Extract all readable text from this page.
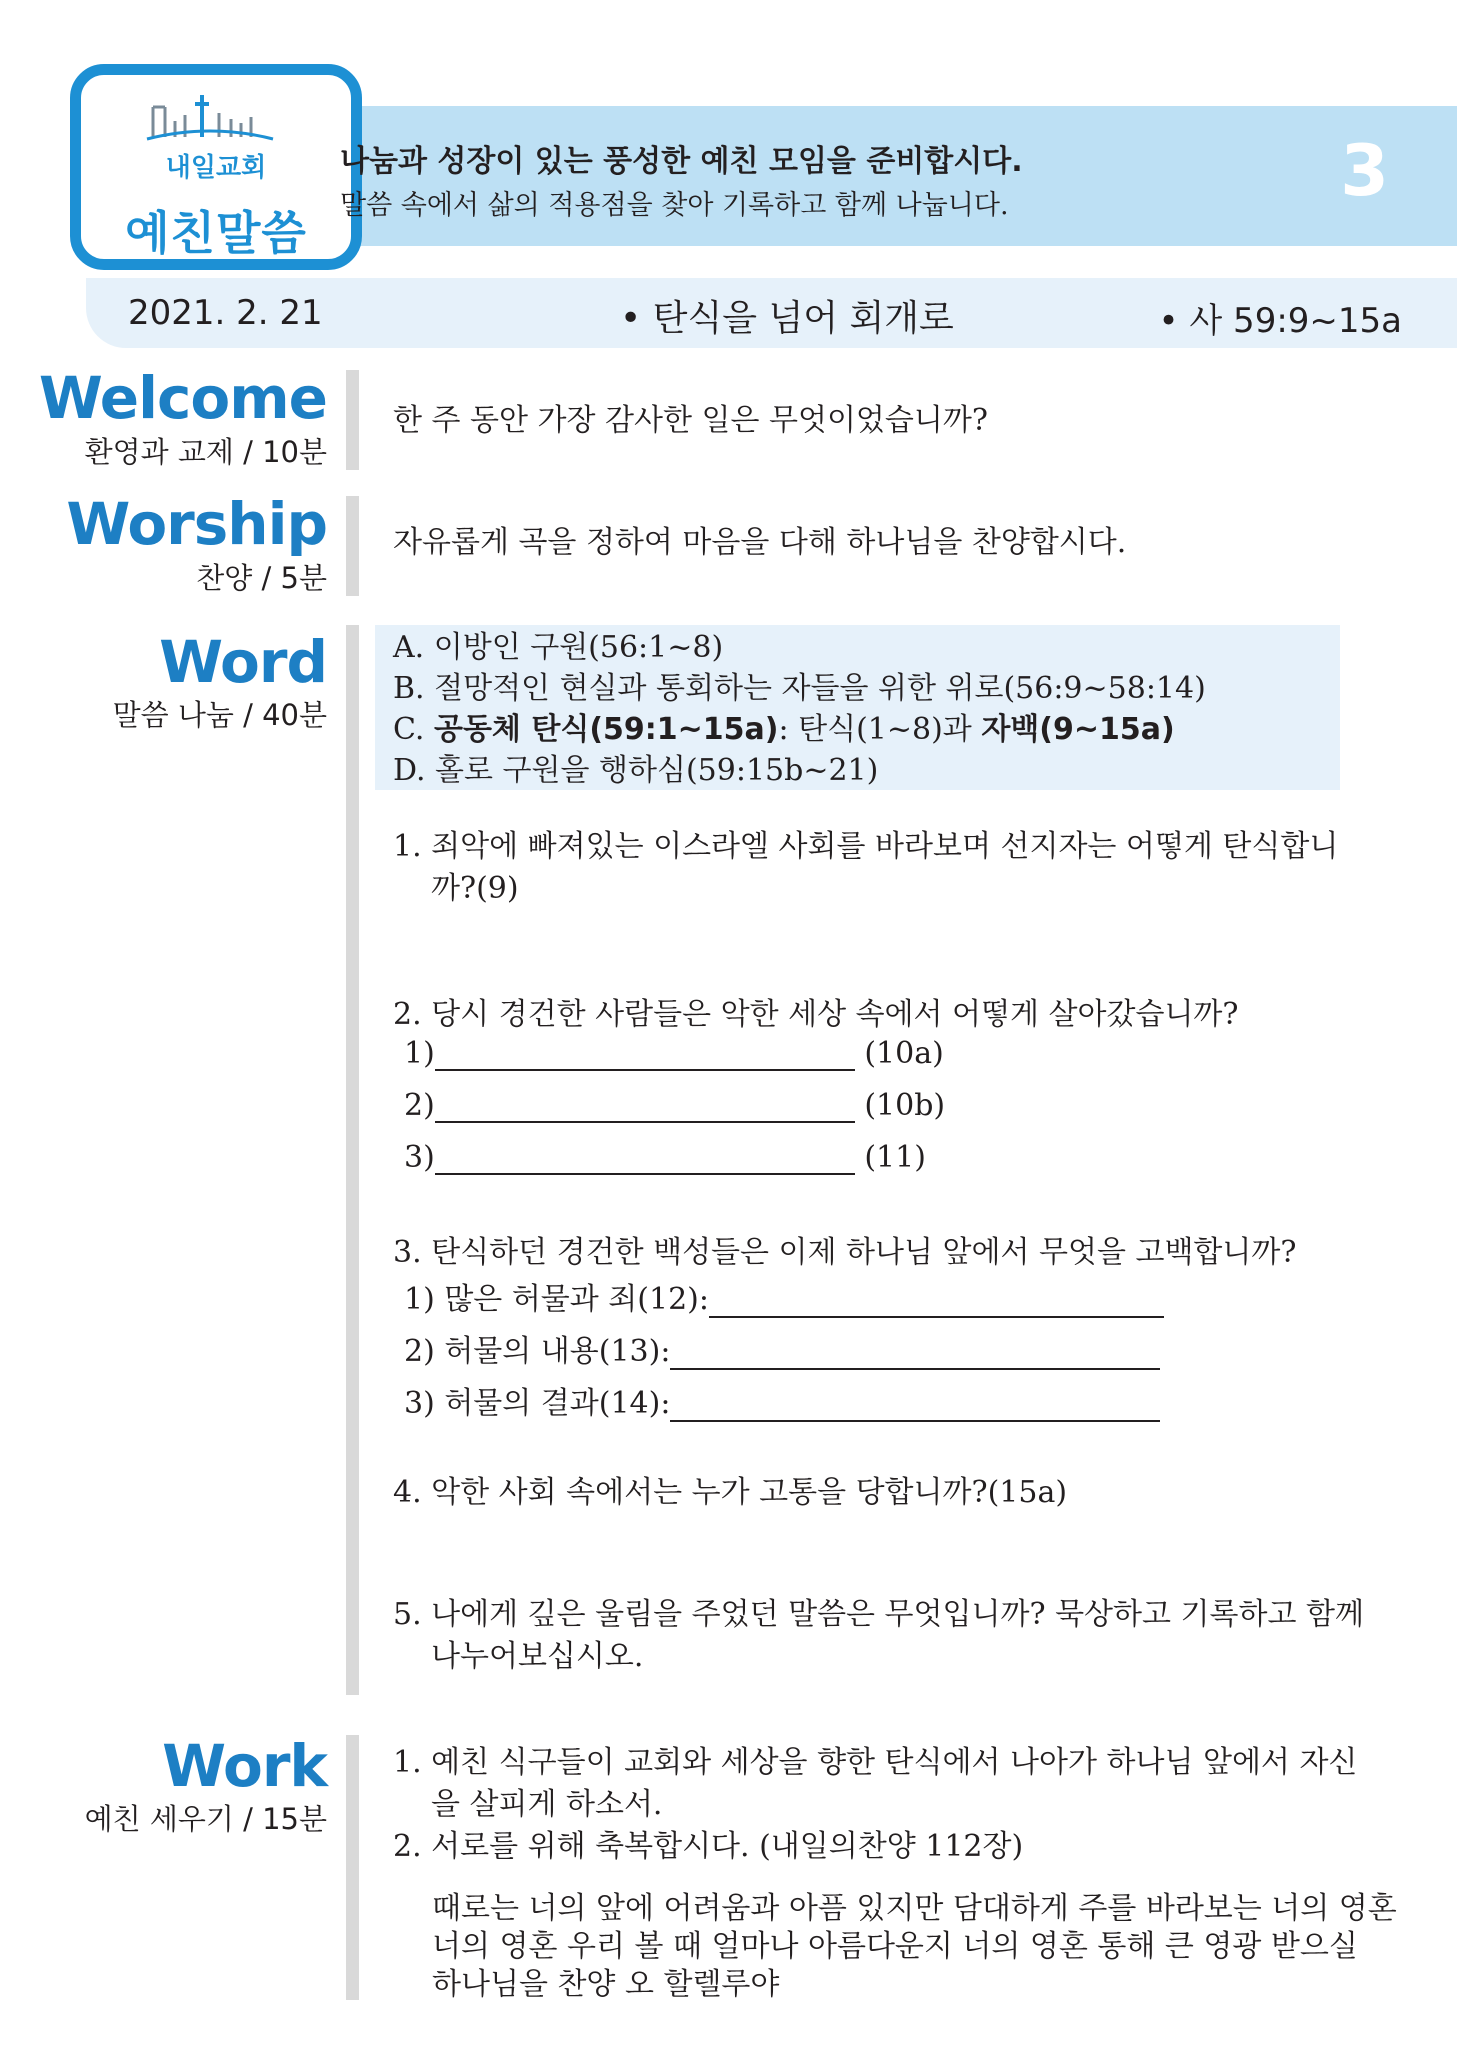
내일교회
예친말씀
나눔과 성장이 있는 풍성한 예친 모임을 준비합시다.
말씀 속에서 삶의 적용점을 찾아 기록하고 함께 나눕니다.	3
2021. 2. 21	• 탄식을 넘어 회개로	• 사 59:9~15a
Welcome
환영과 교제 / 10분
한 주 동안 가장 감사한 일은 무엇이었습니까?
Worship
찬양 / 5분
자유롭게 곡을 정하여 마음을 다해 하나님을 찬양합시다.
Word
말씀 나눔 / 40분
A. 이방인 구원(56:1~8)
B. 절망적인 현실과 통회하는 자들을 위한 위로(56:9~58:14)
C. 공동체 탄식(59:1~15a): 탄식(1~8)과 자백(9~15a)
D. 홀로 구원을 행하심(59:15b~21)
1. 죄악에 빠져있는 이스라엘 사회를 바라보며 선지자는 어떻게 탄식합니까?(9)
2. 당시 경건한 사람들은 악한 세상 속에서 어떻게 살아갔습니까?
1)	(10a)
2)	(10b)
3)	(11)
3. 탄식하던 경건한 백성들은 이제 하나님 앞에서 무엇을 고백합니까?
1) 많은 허물과 죄(12):
2) 허물의 내용(13):
3) 허물의 결과(14):
4. 악한 사회 속에서는 누가 고통을 당합니까?(15a)
5. 나에게 깊은 울림을 주었던 말씀은 무엇입니까? 묵상하고 기록하고 함께 나누어보십시오.
Work
예친 세우기 / 15분
1. 예친 식구들이 교회와 세상을 향한 탄식에서 나아가 하나님 앞에서 자신을 살피게 하소서.
2. 서로를 위해 축복합시다. (내일의찬양 112장)
때로는 너의 앞에 어려움과 아픔 있지만 담대하게 주를 바라보는 너의 영혼
너의 영혼 우리 볼 때 얼마나 아름다운지 너의 영혼 통해 큰 영광 받으실
하나님을 찬양 오 할렐루야
